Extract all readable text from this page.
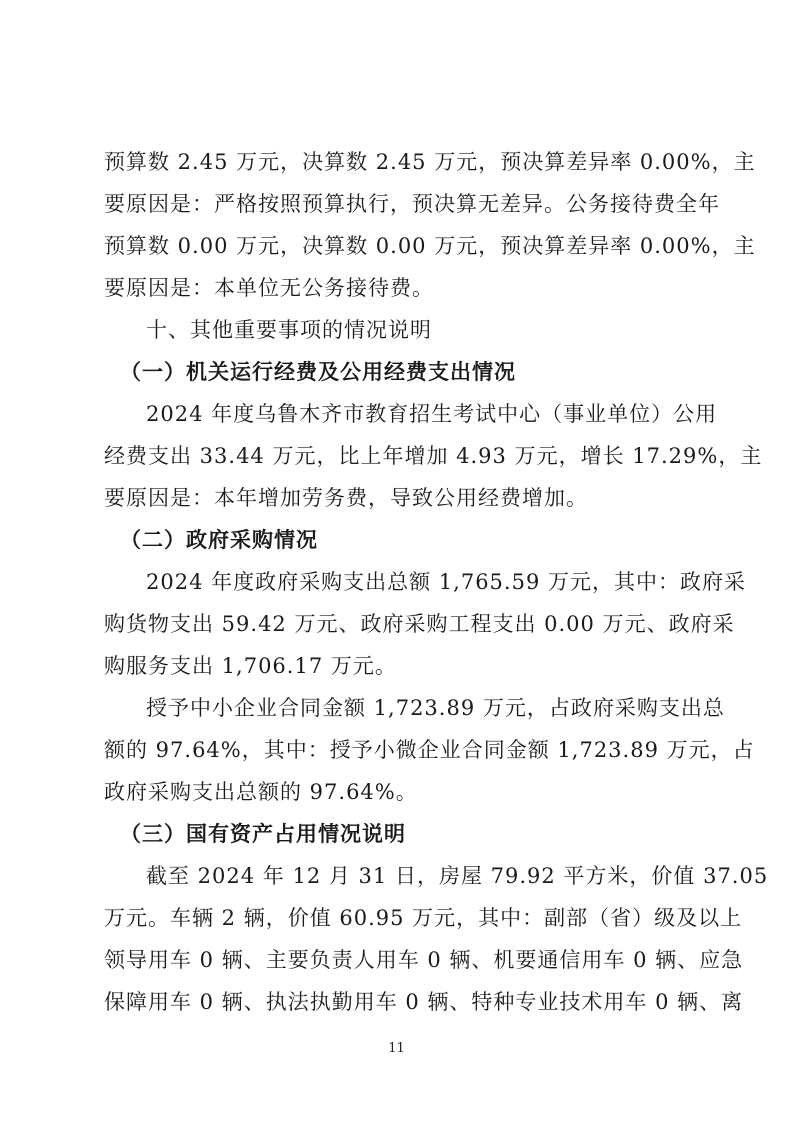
预算数 2.45 万元，决算数 2.45 万元，预决算差异率 0.00%，主
要原因是：严格按照预算执行，预决算无差异。公务接待费全年
预算数 0.00 万元，决算数 0.00 万元，预决算差异率 0.00%，主
要原因是：本单位无公务接待费。
十、其他重要事项的情况说明
（一）机关运行经费及公用经费支出情况
2024 年度乌鲁木齐市教育招生考试中心（事业单位）公用
经费支出 33.44 万元，比上年增加 4.93 万元，增长 17.29%，主
要原因是：本年增加劳务费，导致公用经费增加。
（二）政府采购情况
2024 年度政府采购支出总额 1,765.59 万元，其中：政府采
购货物支出 59.42 万元、政府采购工程支出 0.00 万元、政府采
购服务支出 1,706.17 万元。
授予中小企业合同金额 1,723.89 万元，占政府采购支出总
额的 97.64%，其中：授予小微企业合同金额 1,723.89 万元，占
政府采购支出总额的 97.64%。
（三）国有资产占用情况说明
截至 2024 年 12 月 31 日，房屋 79.92 平方米，价值 37.05
万元。车辆 2 辆，价值 60.95 万元，其中：副部（省）级及以上
领导用车 0 辆、主要负责人用车 0 辆、机要通信用车 0 辆、应急
保障用车 0 辆、执法执勤用车 0 辆、特种专业技术用车 0 辆、离
11
